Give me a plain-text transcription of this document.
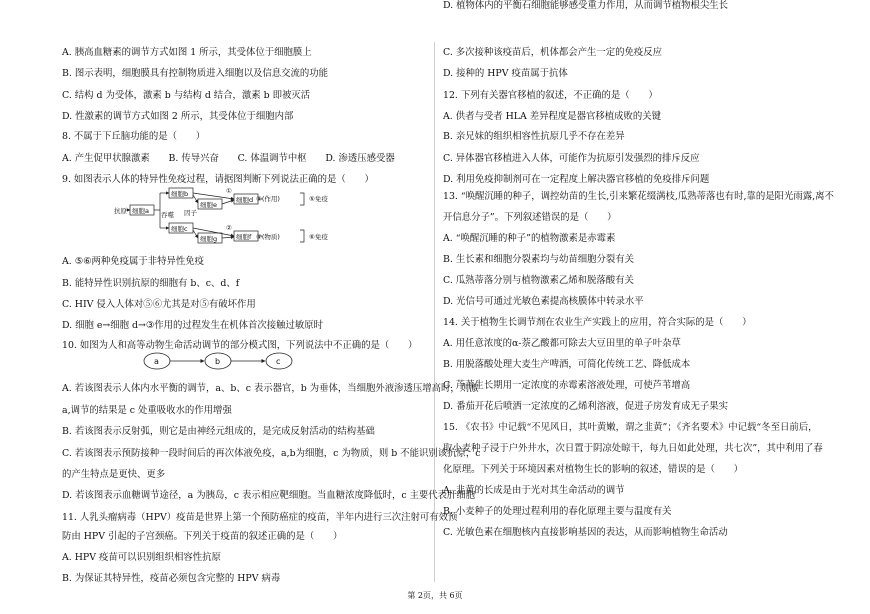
A. 胰高血糖素的调节方式如图 1 所示，其受体位于细胞膜上
B. 图示表明，细胞膜具有控制物质进入细胞以及信息交流的功能
C. 结构 d 为受体，激素 b 与结构 d 结合，激素 b 即被灭活
D. 性激素的调节方式如图 2 所示，其受体位于细胞内部
8. 不属于下丘脑功能的是（　　）
A. 产生促甲状腺激素　　B. 传导兴奋　　C. 体温调节中枢　　D. 渗透压感受器
9. 如图表示人体的特异性免疫过程，请据图判断下列说法正确的是（　　）
A. ⑤⑥两种免疫属于非特异性免疫
B. 能特异性识别抗原的细胞有 b、c、d、f
C. HIV 侵入人体对⑤⑥尤其是对⑤有破坏作用
D. 细胞 e→细胞 d→③作用的过程发生在机体首次接触过敏原时
10. 如图为人和高等动物生命活动调节的部分模式图，下列说法中不正确的是（　　）
A. 若该图表示人体内水平衡的调节，a、b、c 表示器官，b 为垂体，当细胞外液渗透压增高时，则激
a,调节的结果是 c 处重吸收水的作用增强
B. 若该图表示反射弧，则它是由神经元组成的，是完成反射活动的结构基础
C. 若该图表示预防接种一段时间后的再次体液免疫，a,b为细胞，c 为物质，则 b 不能识别该抗原，c
的产生特点是更快、更多
D. 若该图表示血糖调节途径，a 为胰岛，c 表示相应靶细胞。当血糖浓度降低时，c 主要代表肝细胞
11. 人乳头瘤病毒（HPV）疫苗是世界上第一个预防癌症的疫苗，半年内进行三次注射可有效预
防由 HPV 引起的子宫颈癌。下列关于疫苗的叙述正确的是（　　）
A. HPV 疫苗可以识别组织相容性抗原
B. 为保证其特异性，疫苗必须包含完整的 HPV 病毒
C. 多次接种该疫苗后，机体都会产生一定的免疫反应
D. 接种的 HPV 疫苗属于抗体
12. 下列有关器官移植的叙述，不正确的是（　　）
A. 供者与受者 HLA 差异程度是器官移植成败的关键
B. 亲兄妹的组织相容性抗原几乎不存在差异
C. 异体器官移植进入人体，可能作为抗原引发强烈的排斥反应
D. 利用免疫抑制剂可在一定程度上解决器官移植的免疫排斥问题
13. “唤醒沉睡的种子，调控幼苗的生长,引来繁花缀满枝,瓜熟蒂落也有时,靠的是阳光雨露,离不
开信息分子”。下列叙述错误的是（　　）
A. “唤醒沉睡的种子”的植物激素是赤霉素
B. 生长素和细胞分裂素均与幼苗细胞分裂有关
C. 瓜熟蒂落分别与植物激素乙烯和脱落酸有关
D. 光信号可通过光敏色素提高核膜体中转录水平
14. 关于植物生长调节剂在农业生产实践上的应用，符合实际的是（　　）
A. 用任意浓度的α-萘乙酸都可除去大豆田里的单子叶杂草
B. 用脱落酸处理大麦生产啤酒，可简化传统工艺、降低成本
C. 芦苇生长期用一定浓度的赤霉素溶液处理，可使芦苇增高
D. 番茄开花后喷洒一定浓度的乙烯利溶液，促进子房发育成无子果实
15. 《农书》中记载“不见风日，其叶黄嫩，谓之韭黄”；《齐名要术》中记载“冬至日前后，
取小麦种子浸于户外井水，次日置于阴凉处晾干，每九日如此处理，共七次”，其中利用了春
化原理。下列关于环境因素对植物生长的影响的叙述，错误的是（　　）
A. 韭黄的长成是由于光对其生命活动的调节
B. 小麦种子的处理过程利用的春化原理主要与温度有关
C. 光敏色素在细胞核内直接影响基因的表达，从而影响植物生命活动
D. 植物体内的平衡石细胞能够感受重力作用，从而调节植物根尖生长
抗原	吞噬 因子
①
②
③(作用)
④(物质)
⑤免疫
⑥免疫
细胞a
细胞b
细胞e
细胞c
细胞g
细胞d
细胞f
a	b	c
第 2页，共 6页
